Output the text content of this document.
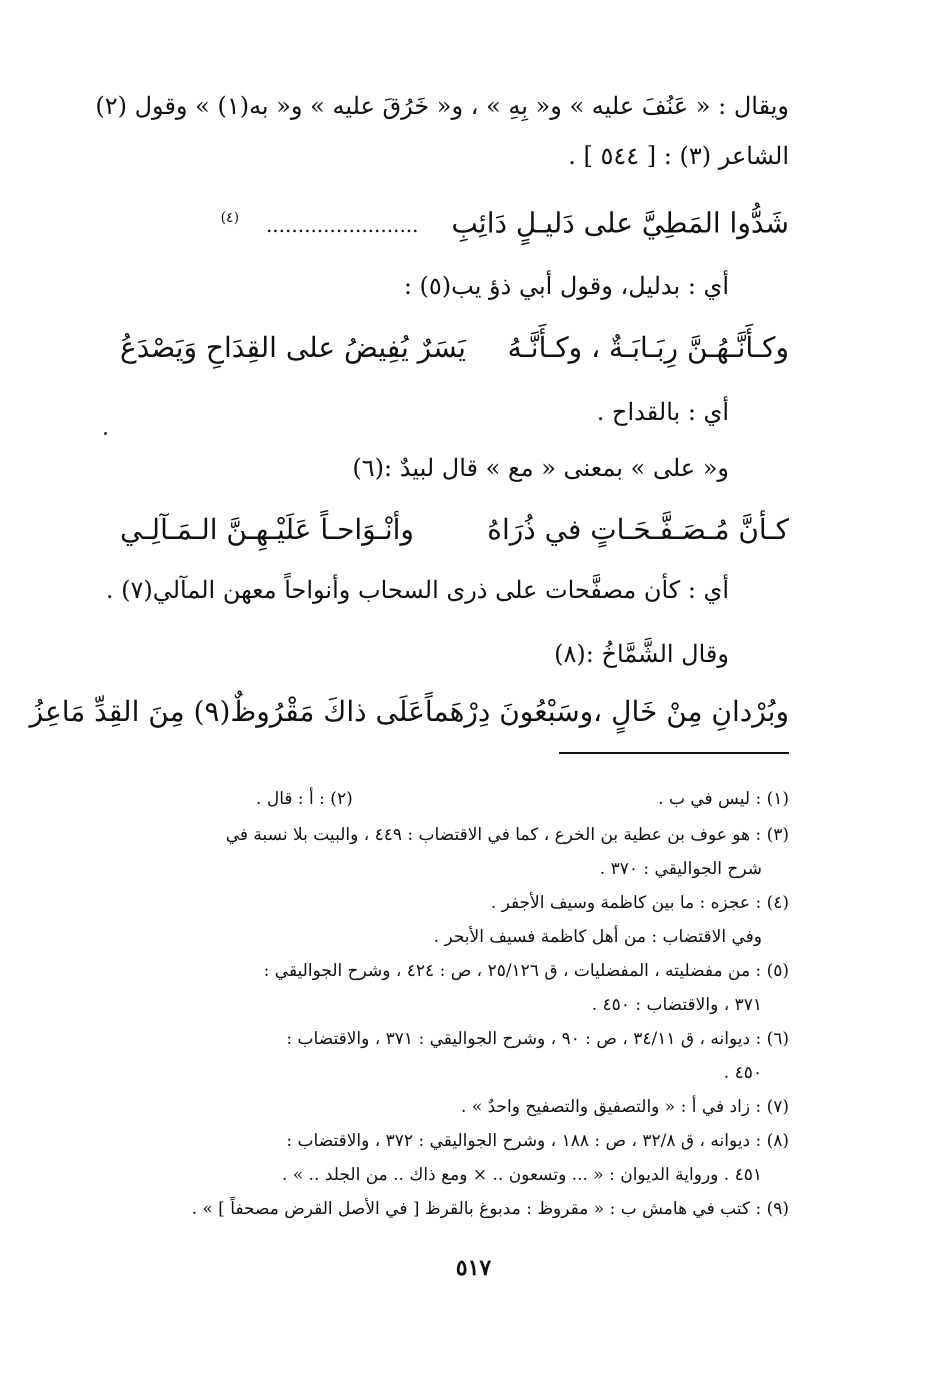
ويقال : « عَنُفَ عليه » و« بِهِ » ، و« خَرُقَ عليه » و« به(١) » وقول (٢)
الشاعر (٣) : [ ٥٤٤ ] .
شَدُّوا المَطِيَّ على دَليـلٍ دَائِبِ ........................ $^{(٤)}$
أي : بدليل، وقول أبي ذؤ يب(٥) :
وكـأَنَّـهُـنَّ رِبَـابَـةٌ ، وكـأَنَّـهُ
يَسَرٌ يُفِيضُ على القِدَاحِ وَيَصْدَعُ
أي : بالقداح .
و« على » بمعنى « مع » قال لبيدٌ :(٦)
كـأنَّ مُـصَـفَّـحَـاتٍ في ذُرَاهُ
وأنْـوَاحـاً عَلَيْـهِـنَّ الـمَـآلِـي
أي : كأن مصفَّحات على ذرى السحاب وأنواحاً معهن المآلي(٧) .
وقال الشَّمَّاخُ :(٨)
وبُرْدانِ مِنْ خَالٍ ،وسَبْعُونَ دِرْهَماً
عَلَى ذاكَ مَقْرُوظٌ(٩) مِنَ القِدِّ مَاعِزُ
(١) : ليس في ب . (٢) : أ : قال .
(٣) : هو عوف بن عطية بن الخرع ، كما في الاقتضاب : ٤٤٩ ، والبيت بلا نسبة في
شرح الجواليقي : ٣٧٠ .
(٤) : عجزه : ما بين كاظمة وسيف الأجفر .
وفي الاقتضاب : من أهل كاظمة فسيف الأبحر .
(٥) : من مفضليته ، المفضليات ، ق ٢٥/١٢٦ ، ص : ٤٢٤ ، وشرح الجواليقي :
٣٧١ ، والاقتضاب : ٤٥٠ .
(٦) : ديوانه ، ق ٣٤/١١ ، ص : ٩٠ ، وشرح الجواليقي : ٣٧١ ، والاقتضاب :
٤٥٠ .
(٧) : زاد في أ : « والتصفيق والتصفيح واحدٌ » .
(٨) : ديوانه ، ق ٣٢/٨ ، ص : ١٨٨ ، وشرح الجواليقي : ٣٧٢ ، والاقتضاب :
٤٥١ . ورواية الديوان : « ... وتسعون .. × ومع ذاك .. من الجلد .. » .
(٩) : كتب في هامش ب : « مقروظ : مدبوغ بالقرظ [ في الأصل القرض مصحفاً ] » .
٥١٧
